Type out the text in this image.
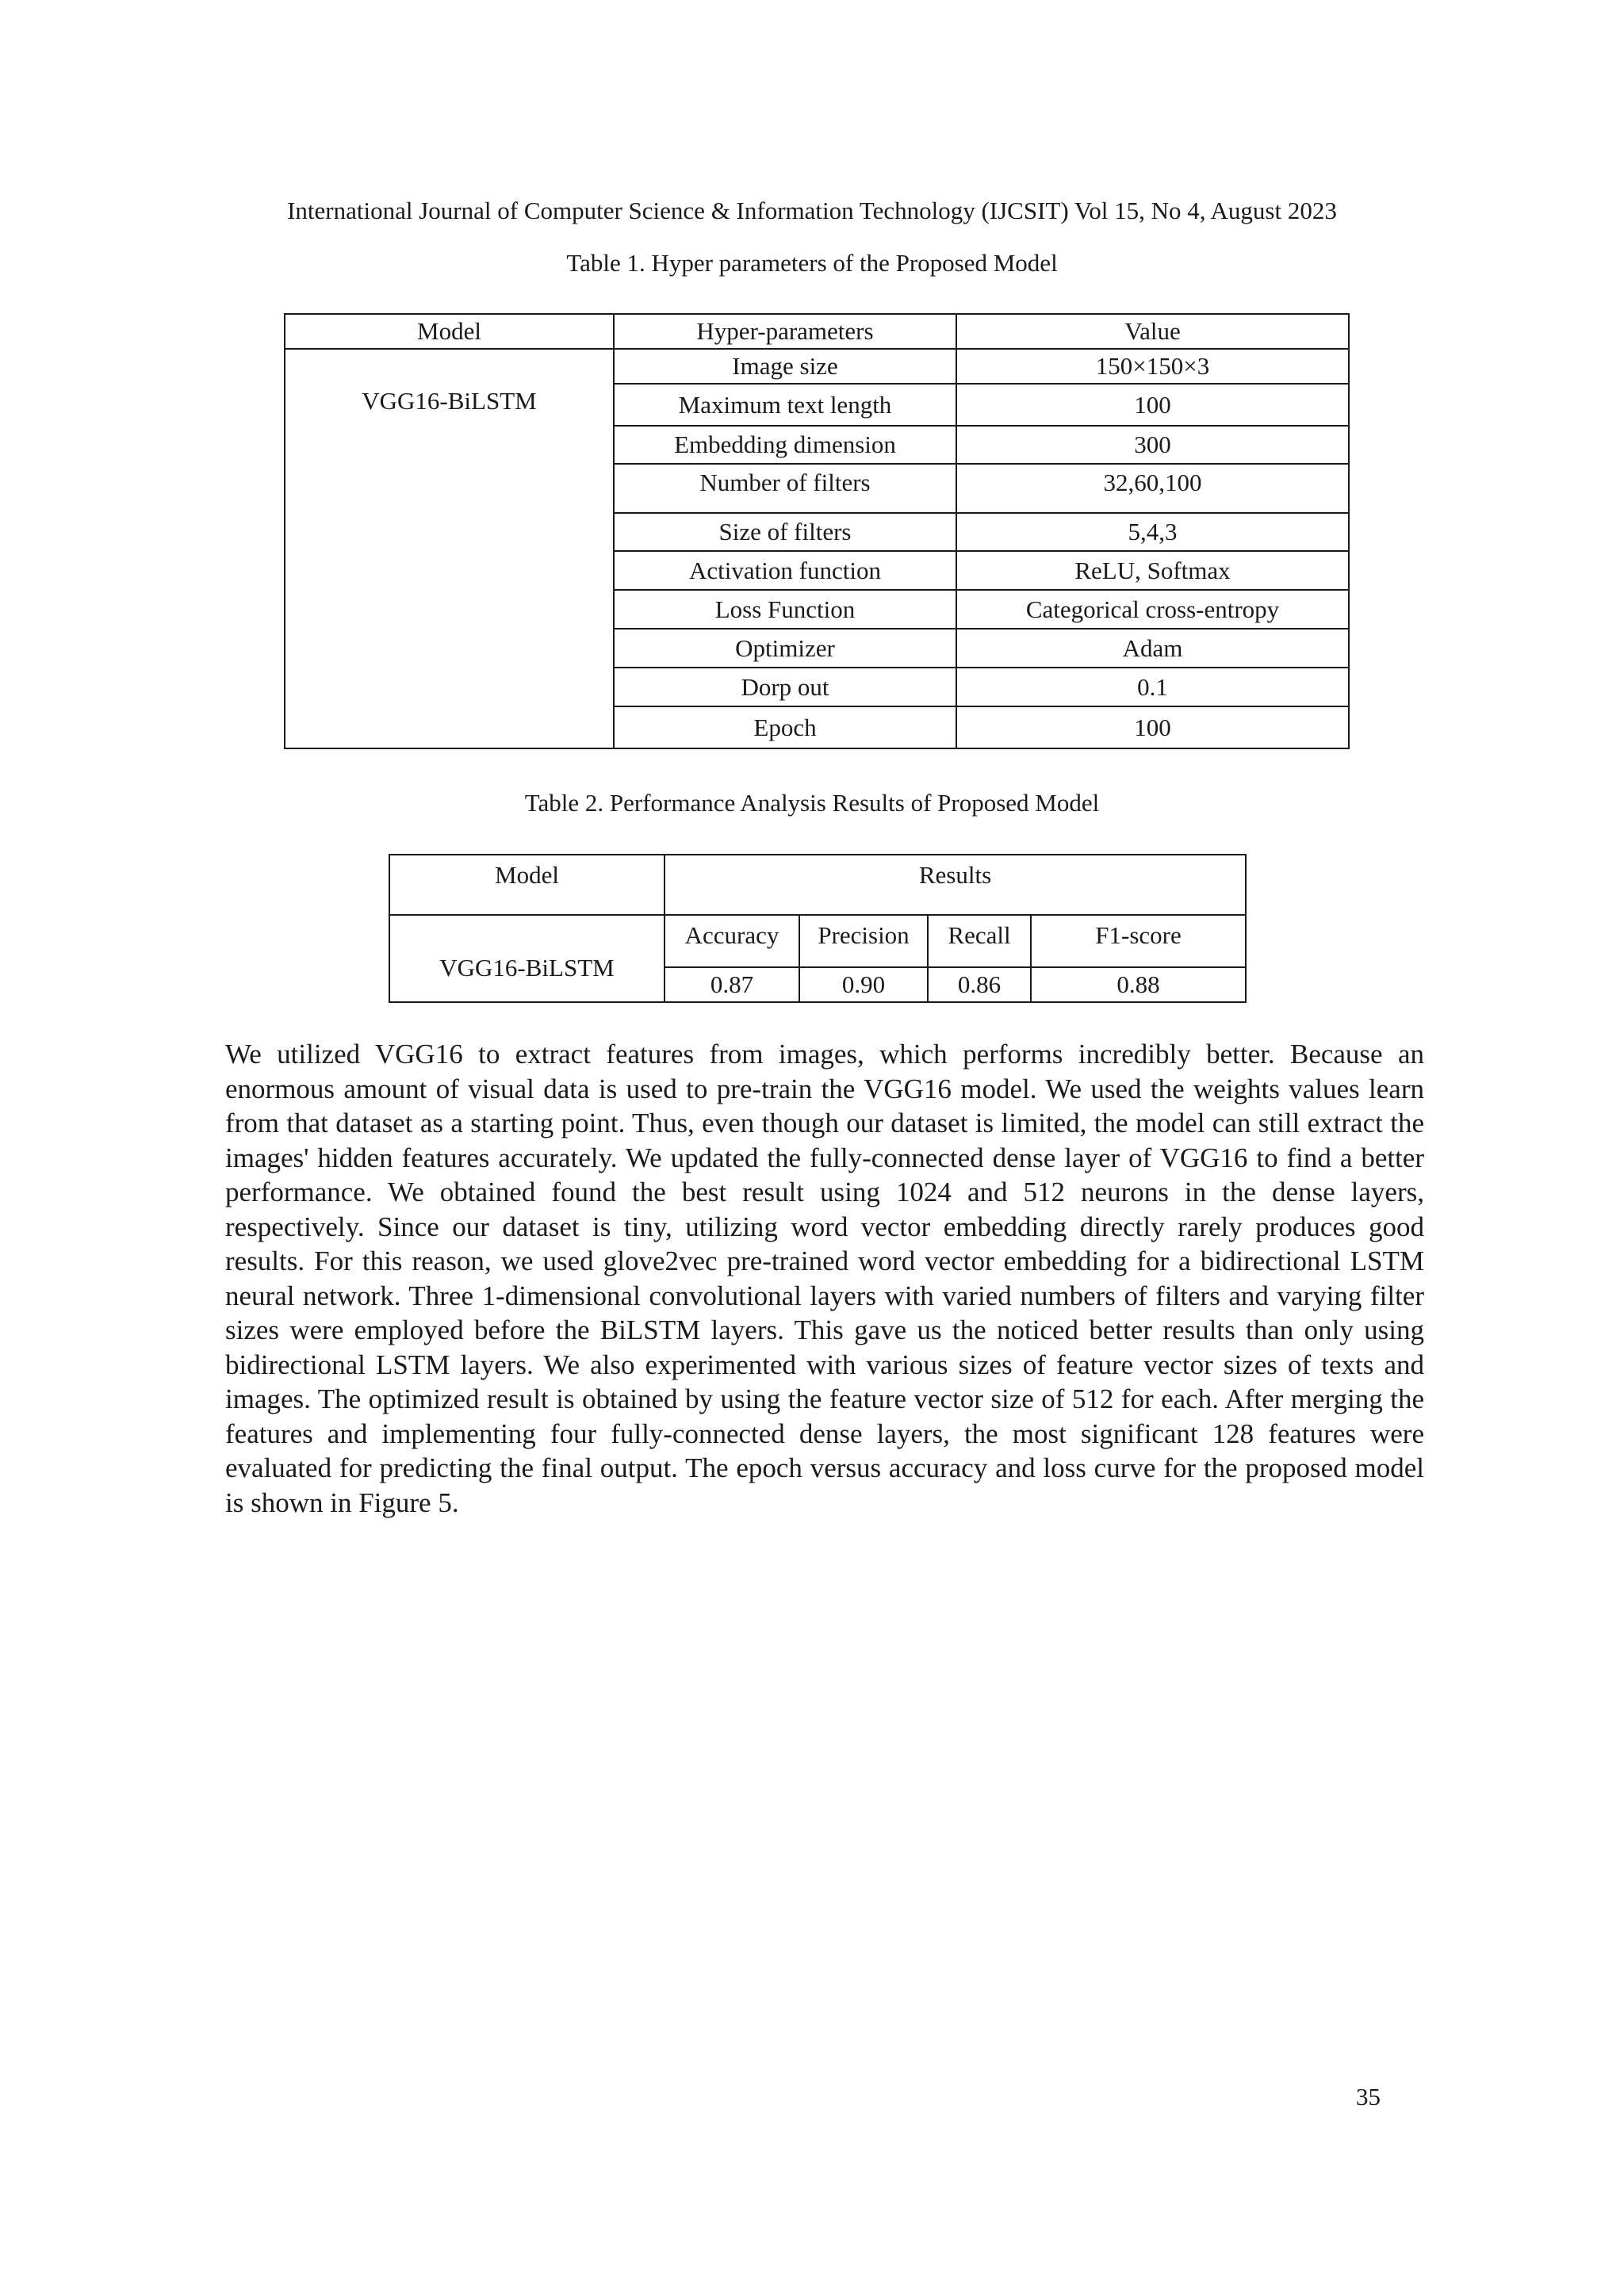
International Journal of Computer Science & Information Technology (IJCSIT) Vol 15, No 4, August 2023
Table 1. Hyper parameters of the Proposed Model
Model	Hyper-parameters	Value
VGG16-BiLSTM	Image size	150×150×3
	Maximum text length	100
	Embedding dimension	300
	Number of filters	32,60,100
	Size of filters	5,4,3
	Activation function	ReLU, Softmax
	Loss Function	Categorical cross-entropy
	Optimizer	Adam
	Dorp out	0.1
	Epoch	100
Table 2. Performance Analysis Results of Proposed Model
Model	Results			
VGG16-BiLSTM	Accuracy	Precision	Recall	F1-score
	0.87	0.90	0.86	0.88

We utilized VGG16 to extract features from images, which performs incredibly better. Because an enormous amount of visual data is used to pre-train the VGG16 model. We used the weights values learn from that dataset as a starting point. Thus, even though our dataset is limited, the model can still extract the images' hidden features accurately. We updated the fully-connected dense layer of VGG16 to find a better performance. We obtained found the best result using 1024 and 512 neurons in the dense layers, respectively. Since our dataset is tiny, utilizing word vector embedding directly rarely produces good results. For this reason, we used glove2vec pre-trained word vector embedding for a bidirectional LSTM neural network. Three 1-dimensional convolutional layers with varied numbers of filters and varying filter sizes were employed before the BiLSTM layers. This gave us the noticed better results than only using bidirectional LSTM layers. We also experimented with various sizes of feature vector sizes of texts and images. The optimized result is obtained by using the feature vector size of 512 for each. After merging the features and implementing four fully-connected dense layers, the most significant 128 features were evaluated for predicting the final output. The epoch versus accuracy and loss curve for the proposed model is shown in Figure 5.

35
